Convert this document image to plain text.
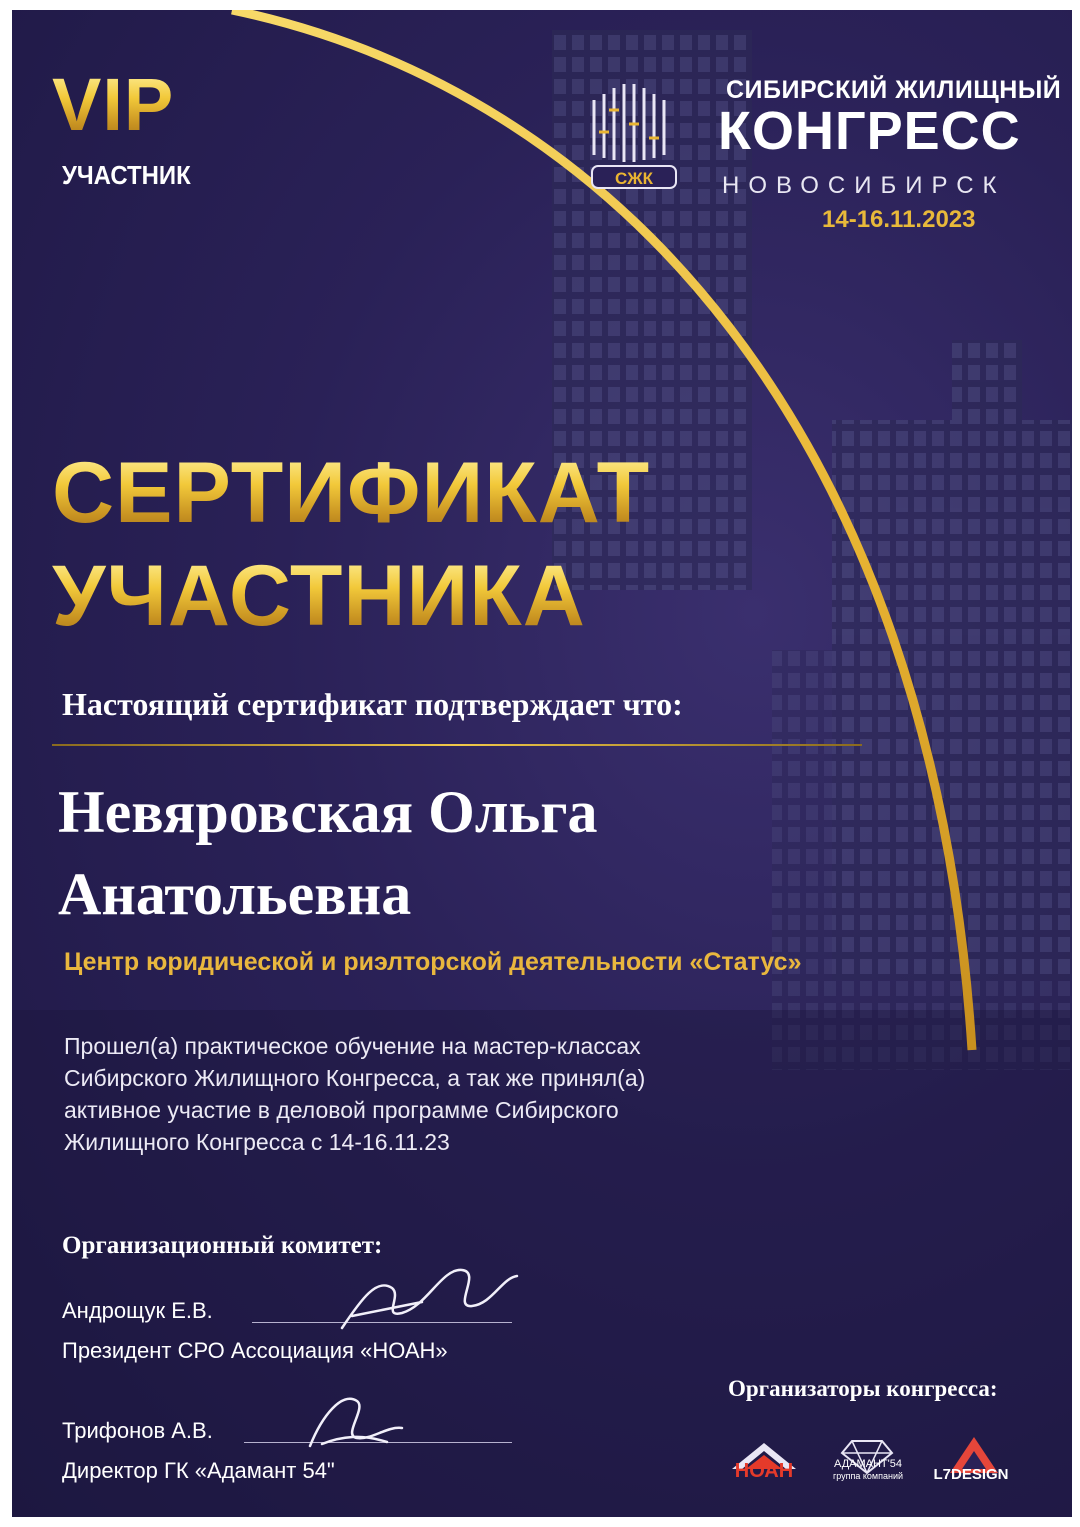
VIP
УЧАСТНИК	СЖК
СИБИРСКИЙ ЖИЛИЩНЫЙ
КОНГРЕСС
НОВОСИБИРСК
14-16.11.2023
СЕРТИФИКАТ
УЧАСТНИКА
Настоящий сертификат подтверждает что:
Невяровская Ольга
Анатольевна
Центр юридической и риэлторской деятельности «Статус»
Прошел(а) практическое обучение на мастер-классах
Сибирского Жилищного Конгресса, а так же принял(а)
активное участие в деловой программе Сибирского
Жилищного Конгресса с 14-16.11.23
Организационный комитет:
Андрощук Е.В.
Президент СРО Ассоциация «НОАН»
Трифонов А.В.
Директор ГК «Адамант 54"
Организаторы конгресса:
НОАН	АДАМАНТ'54
группа компаний	L7DESIGN
